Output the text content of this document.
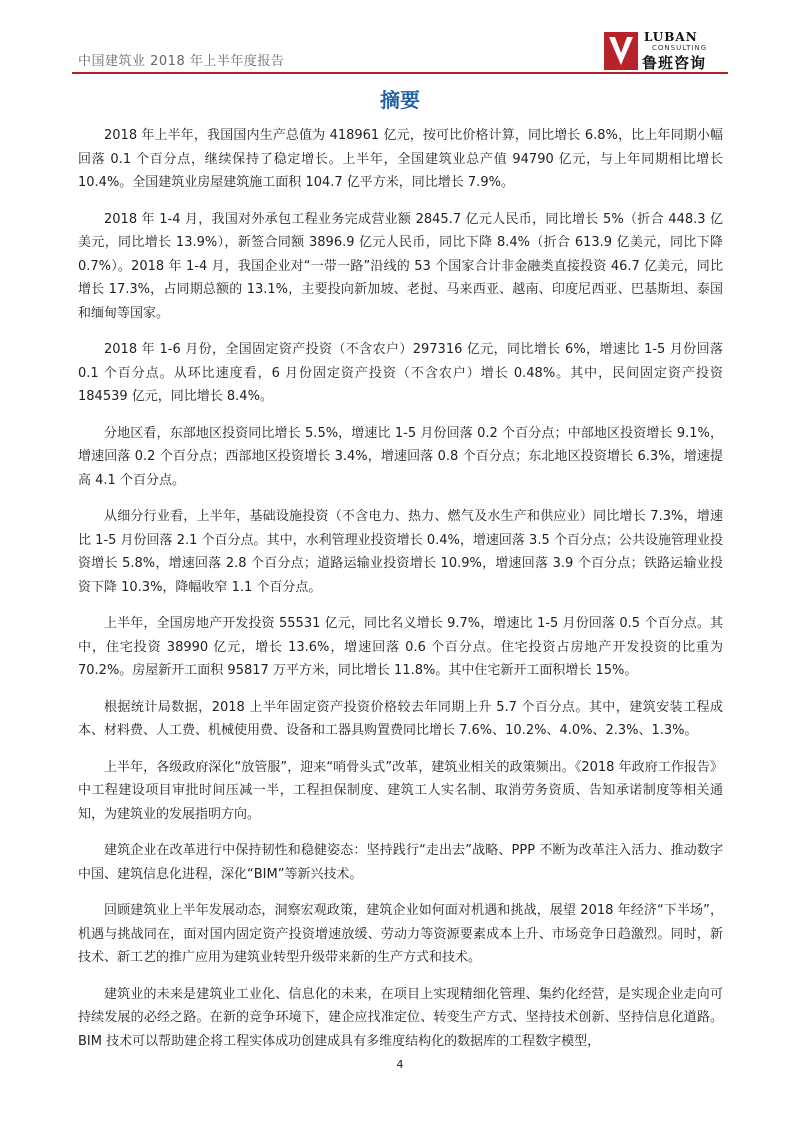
中国建筑业 2018 年上半年度报告
LUBAN
CONSULTING
鲁班咨询
摘要

2018 年上半年，我国国内生产总值为 418961 亿元，按可比价格计算，同比增长 6.8%，比上年同期小幅回落 0.1 个百分点，继续保持了稳定增长。上半年，全国建筑业总产值 94790 亿元，与上年同期相比增长 10.4%。全国建筑业房屋建筑施工面积 104.7 亿平方米，同比增长 7.9%。

2018 年 1-4 月，我国对外承包工程业务完成营业额 2845.7 亿元人民币，同比增长 5%（折合 448.3 亿美元，同比增长 13.9%），新签合同额 3896.9 亿元人民币，同比下降 8.4%（折合 613.9 亿美元，同比下降 0.7%）。2018 年 1-4 月，我国企业对“一带一路”沿线的 53 个国家合计非金融类直接投资 46.7 亿美元，同比增长 17.3%，占同期总额的 13.1%，主要投向新加坡、老挝、马来西亚、越南、印度尼西亚、巴基斯坦、泰国和缅甸等国家。

2018 年 1-6 月份，全国固定资产投资（不含农户）297316 亿元，同比增长 6%，增速比 1-5 月份回落 0.1 个百分点。从环比速度看，6 月份固定资产投资（不含农户）增长 0.48%。其中，民间固定资产投资 184539 亿元，同比增长 8.4%。

分地区看，东部地区投资同比增长 5.5%，增速比 1-5 月份回落 0.2 个百分点；中部地区投资增长 9.1%，增速回落 0.2 个百分点；西部地区投资增长 3.4%，增速回落 0.8 个百分点；东北地区投资增长 6.3%，增速提高 4.1 个百分点。

从细分行业看，上半年，基础设施投资（不含电力、热力、燃气及水生产和供应业）同比增长 7.3%，增速比 1-5 月份回落 2.1 个百分点。其中，水利管理业投资增长 0.4%，增速回落 3.5 个百分点；公共设施管理业投资增长 5.8%，增速回落 2.8 个百分点；道路运输业投资增长 10.9%，增速回落 3.9 个百分点；铁路运输业投资下降 10.3%，降幅收窄 1.1 个百分点。

上半年，全国房地产开发投资 55531 亿元，同比名义增长 9.7%，增速比 1-5 月份回落 0.5 个百分点。其中，住宅投资 38990 亿元，增长 13.6%，增速回落 0.6 个百分点。住宅投资占房地产开发投资的比重为 70.2%。房屋新开工面积 95817 万平方米，同比增长 11.8%。其中住宅新开工面积增长 15%。

根据统计局数据，2018 上半年固定资产投资价格较去年同期上升 5.7 个百分点。其中，建筑安装工程成本、材料费、人工费、机械使用费、设备和工器具购置费同比增长 7.6%、10.2%、4.0%、2.3%、1.3%。

上半年，各级政府深化“放管服”，迎来“哨骨头式”改革，建筑业相关的政策频出。《2018 年政府工作报告》中工程建设项目审批时间压减一半，工程担保制度、建筑工人实名制、取消劳务资质、告知承诺制度等相关通知，为建筑业的发展指明方向。

建筑企业在改革进行中保持韧性和稳健姿态：坚持践行“走出去”战略、PPP 不断为改革注入活力、推动数字中国、建筑信息化进程，深化“BIM”等新兴技术。

回顾建筑业上半年发展动态，洞察宏观政策，建筑企业如何面对机遇和挑战，展望 2018 年经济“下半场”，机遇与挑战同在，面对国内固定资产投资增速放缓、劳动力等资源要素成本上升、市场竞争日趋激烈。同时，新技术、新工艺的推广应用为建筑业转型升级带来新的生产方式和技术。

建筑业的未来是建筑业工业化、信息化的未来，在项目上实现精细化管理、集约化经营，是实现企业走向可持续发展的必经之路。在新的竞争环境下，建企应找准定位、转变生产方式、坚持技术创新、坚持信息化道路。BIM 技术可以帮助建企将工程实体成功创建成具有多维度结构化的数据库的工程数字模型，

4
